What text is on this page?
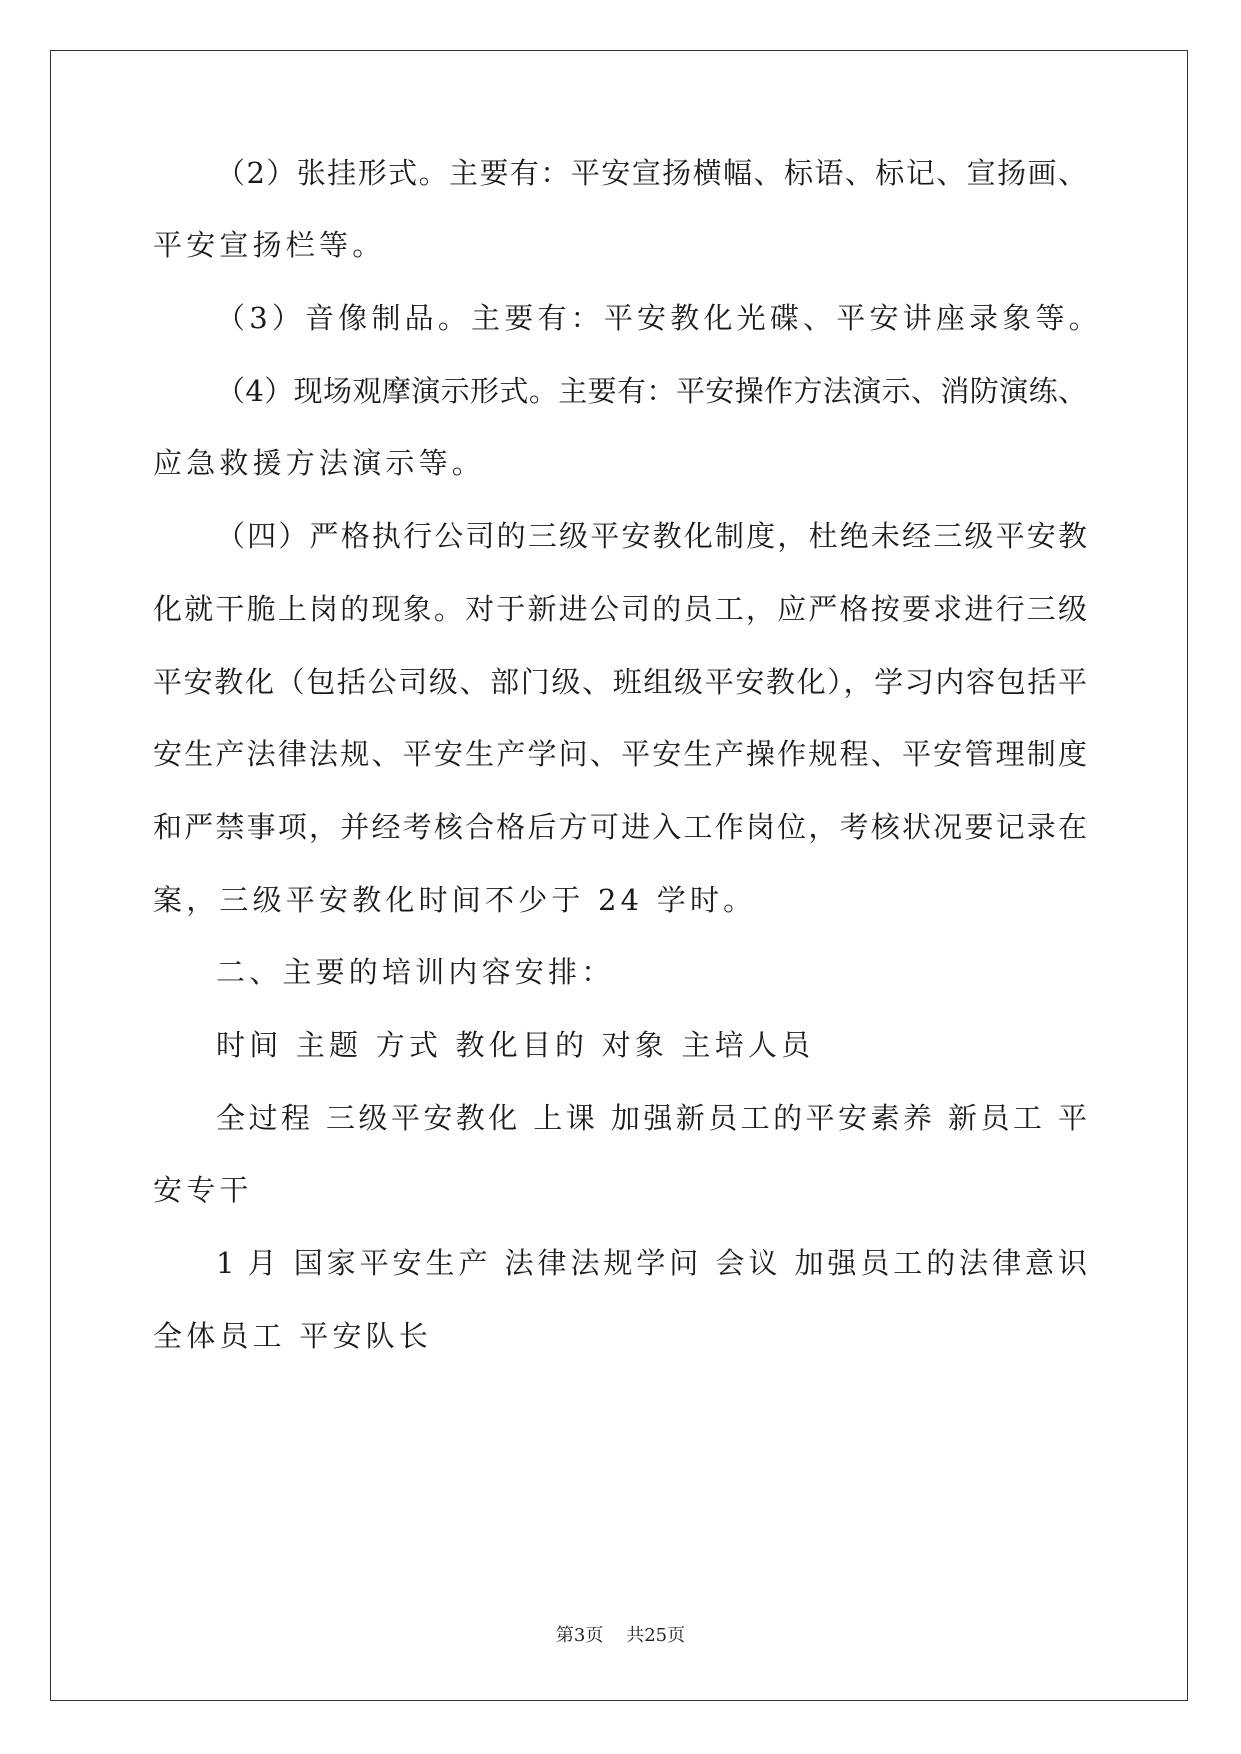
（2）张挂形式。主要有：平安宣扬横幅、标语、标记、宣扬画、
平安宣扬栏等。
（3）音像制品。主要有：平安教化光碟、平安讲座录象等。
（4）现场观摩演示形式。主要有：平安操作方法演示、消防演练、
应急救援方法演示等。
（四）严格执行公司的三级平安教化制度，杜绝未经三级平安教
化就干脆上岗的现象。对于新进公司的员工，应严格按要求进行三级
平安教化（包括公司级、部门级、班组级平安教化），学习内容包括平
安生产法律法规、平安生产学问、平安生产操作规程、平安管理制度
和严禁事项，并经考核合格后方可进入工作岗位，考核状况要记录在
案，三级平安教化时间不少于 24 学时。
二、主要的培训内容安排：
时间 主题 方式 教化目的 对象 主培人员
全过程 三级平安教化 上课 加强新员工的平安素养 新员工 平
安专干
1 月 国家平安生产 法律法规学问 会议 加强员工的法律意识
全体员工 平安队长
第3页 共25页
